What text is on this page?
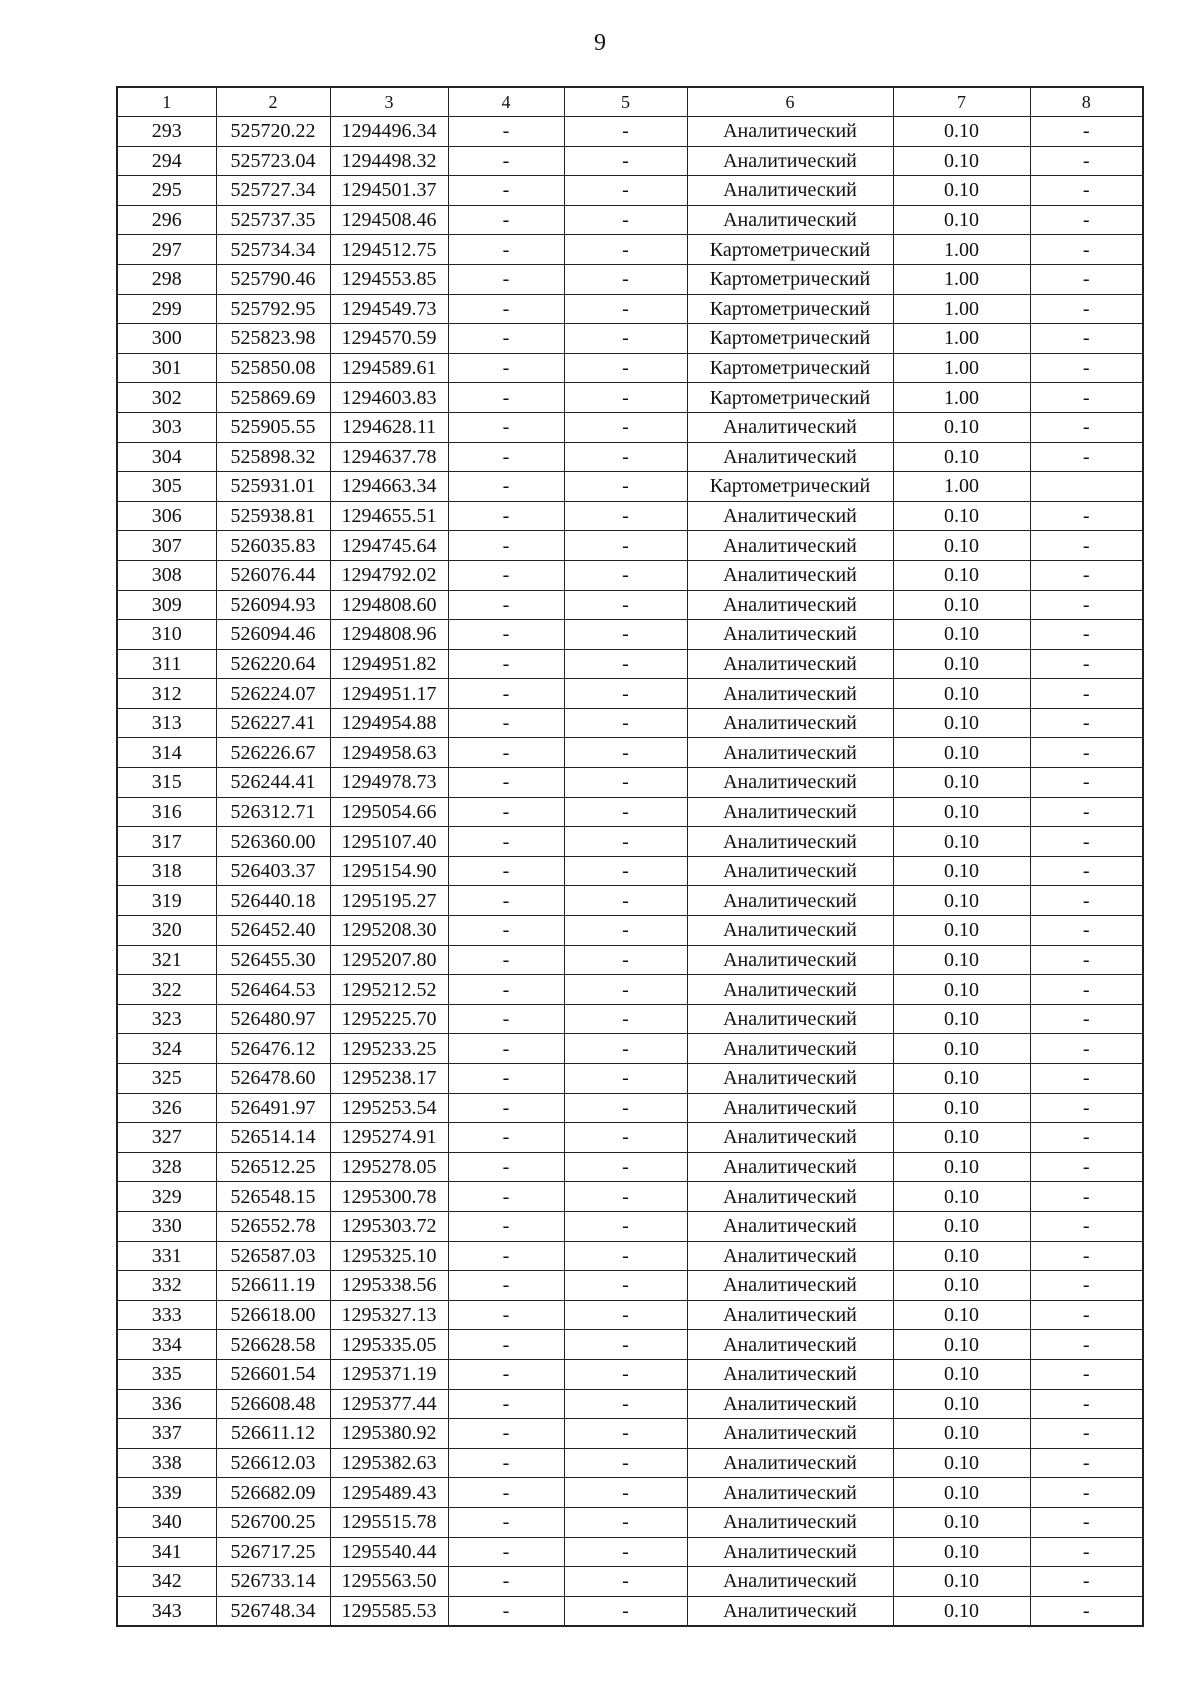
9
1	2	3	4	5	6	7	8
293	525720.22	1294496.34	-	-	Аналитический	0.10	-
294	525723.04	1294498.32	-	-	Аналитический	0.10	-
295	525727.34	1294501.37	-	-	Аналитический	0.10	-
296	525737.35	1294508.46	-	-	Аналитический	0.10	-
297	525734.34	1294512.75	-	-	Картометрический	1.00	-
298	525790.46	1294553.85	-	-	Картометрический	1.00	-
299	525792.95	1294549.73	-	-	Картометрический	1.00	-
300	525823.98	1294570.59	-	-	Картометрический	1.00	-
301	525850.08	1294589.61	-	-	Картометрический	1.00	-
302	525869.69	1294603.83	-	-	Картометрический	1.00	-
303	525905.55	1294628.11	-	-	Аналитический	0.10	-
304	525898.32	1294637.78	-	-	Аналитический	0.10	-
305	525931.01	1294663.34	-	-	Картометрический	1.00	
306	525938.81	1294655.51	-	-	Аналитический	0.10	-
307	526035.83	1294745.64	-	-	Аналитический	0.10	-
308	526076.44	1294792.02	-	-	Аналитический	0.10	-
309	526094.93	1294808.60	-	-	Аналитический	0.10	-
310	526094.46	1294808.96	-	-	Аналитический	0.10	-
311	526220.64	1294951.82	-	-	Аналитический	0.10	-
312	526224.07	1294951.17	-	-	Аналитический	0.10	-
313	526227.41	1294954.88	-	-	Аналитический	0.10	-
314	526226.67	1294958.63	-	-	Аналитический	0.10	-
315	526244.41	1294978.73	-	-	Аналитический	0.10	-
316	526312.71	1295054.66	-	-	Аналитический	0.10	-
317	526360.00	1295107.40	-	-	Аналитический	0.10	-
318	526403.37	1295154.90	-	-	Аналитический	0.10	-
319	526440.18	1295195.27	-	-	Аналитический	0.10	-
320	526452.40	1295208.30	-	-	Аналитический	0.10	-
321	526455.30	1295207.80	-	-	Аналитический	0.10	-
322	526464.53	1295212.52	-	-	Аналитический	0.10	-
323	526480.97	1295225.70	-	-	Аналитический	0.10	-
324	526476.12	1295233.25	-	-	Аналитический	0.10	-
325	526478.60	1295238.17	-	-	Аналитический	0.10	-
326	526491.97	1295253.54	-	-	Аналитический	0.10	-
327	526514.14	1295274.91	-	-	Аналитический	0.10	-
328	526512.25	1295278.05	-	-	Аналитический	0.10	-
329	526548.15	1295300.78	-	-	Аналитический	0.10	-
330	526552.78	1295303.72	-	-	Аналитический	0.10	-
331	526587.03	1295325.10	-	-	Аналитический	0.10	-
332	526611.19	1295338.56	-	-	Аналитический	0.10	-
333	526618.00	1295327.13	-	-	Аналитический	0.10	-
334	526628.58	1295335.05	-	-	Аналитический	0.10	-
335	526601.54	1295371.19	-	-	Аналитический	0.10	-
336	526608.48	1295377.44	-	-	Аналитический	0.10	-
337	526611.12	1295380.92	-	-	Аналитический	0.10	-
338	526612.03	1295382.63	-	-	Аналитический	0.10	-
339	526682.09	1295489.43	-	-	Аналитический	0.10	-
340	526700.25	1295515.78	-	-	Аналитический	0.10	-
341	526717.25	1295540.44	-	-	Аналитический	0.10	-
342	526733.14	1295563.50	-	-	Аналитический	0.10	-
343	526748.34	1295585.53	-	-	Аналитический	0.10	-
